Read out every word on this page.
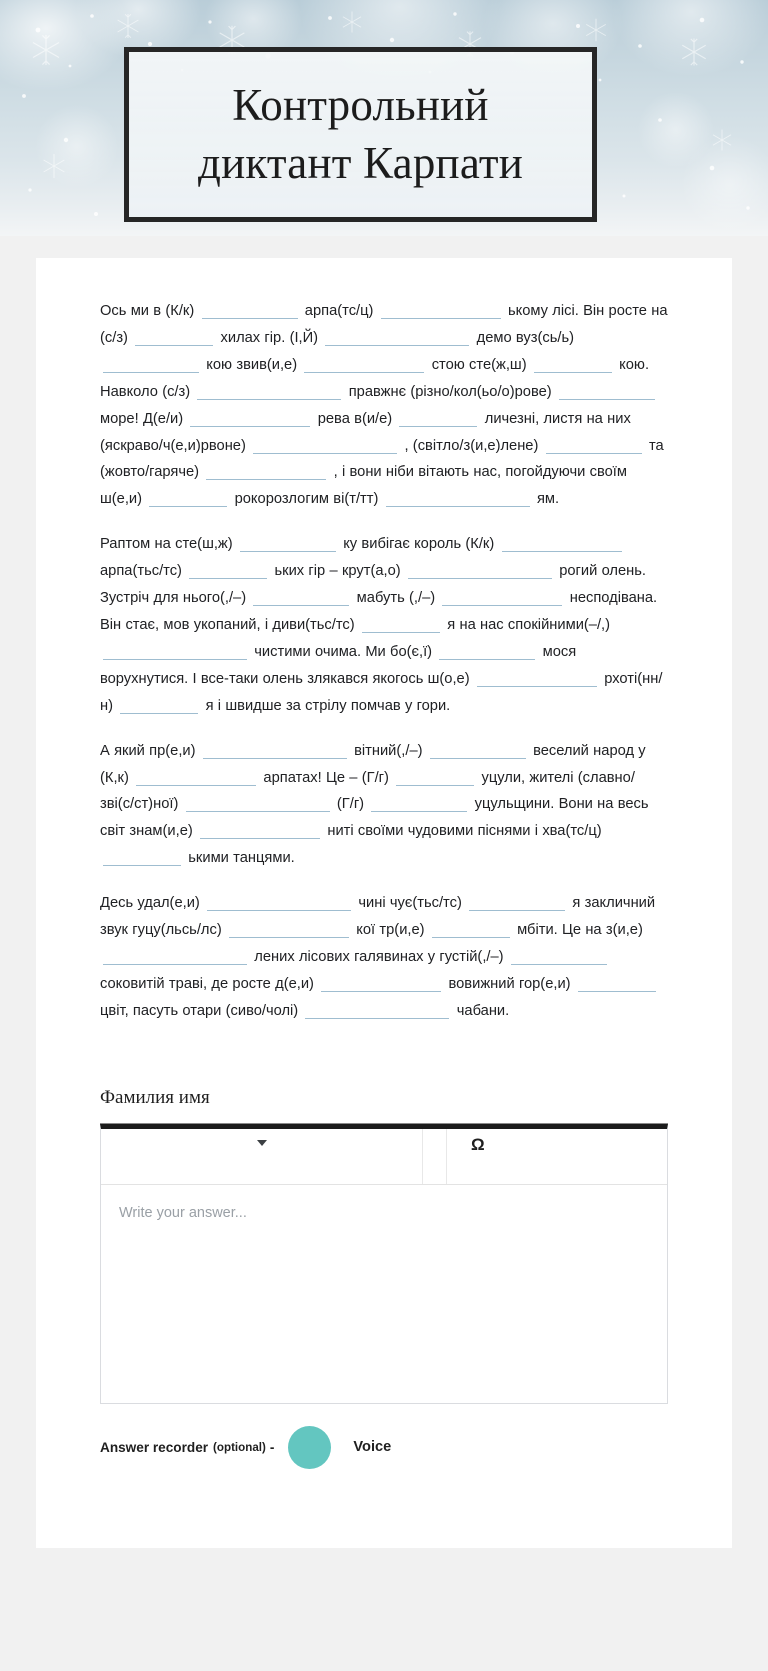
Контрольний
диктант Карпати

Ось ми в (К/к)	арпа(тс/ц)	ькому лісі. Він росте на (с/з)	хилах гір. (І,Й)	демо вуз(сь/ь)  кою звив(и,е)	стою сте(ж,ш)	кою. Навколо (с/з)	правжнє (різно/кол(ьо/о)рове)  море! Д(е/и)	рева в(и/е)	личезні, листя на них (яскраво/ч(е,и)рвоне)	, (світло/з(и,е)лене)	та (жовто/гаряче)	, і вони ніби вітають нас, погойдуючи своїм ш(е,и)	рокорозлогим ві(т/тт)	ям.

Раптом на сте(ш,ж)	ку вибігає король (К/к)  арпа(тьс/тс)	ьких гір – крут(а,о)	рогий олень. Зустріч для нього(,/–)	мабуть (,/–)	несподівана. Він стає, мов укопаний, і диви(тьс/тс)	я на нас спокійними(–/,)  чистими очима. Ми бо(є,ї)	мося ворухнутися. І все-таки олень злякався якогось ш(о,е)	рхоті(нн/н)	я і швидше за стрілу помчав у гори.

А який пр(е,и)	вітний(,/–)	веселий народ у (К,к)	арпатах! Це – (Г/г)	уцули, жителі (славно/зві(с/ст)ної)	(Г/г)	уцульщини. Вони на весь світ знам(и,е)	ниті своїми чудовими піснями і хва(тс/ц)  ькими танцями.

Десь удал(е,и)	чині чує(тьс/тс)	я закличний звук гуцу(льсь/лс)	кої тр(и,е)	мбіти. Це на з(и,е)  лених лісових галявинах у густій(,/–)  соковитій траві, де росте д(е,и)	вовижний гор(е,и)  цвіт, пасуть отари (сиво/чолі)	чабани.

Фамилия имя
Ω
Write your answer...
Answer recorder (optional) -	Voice
